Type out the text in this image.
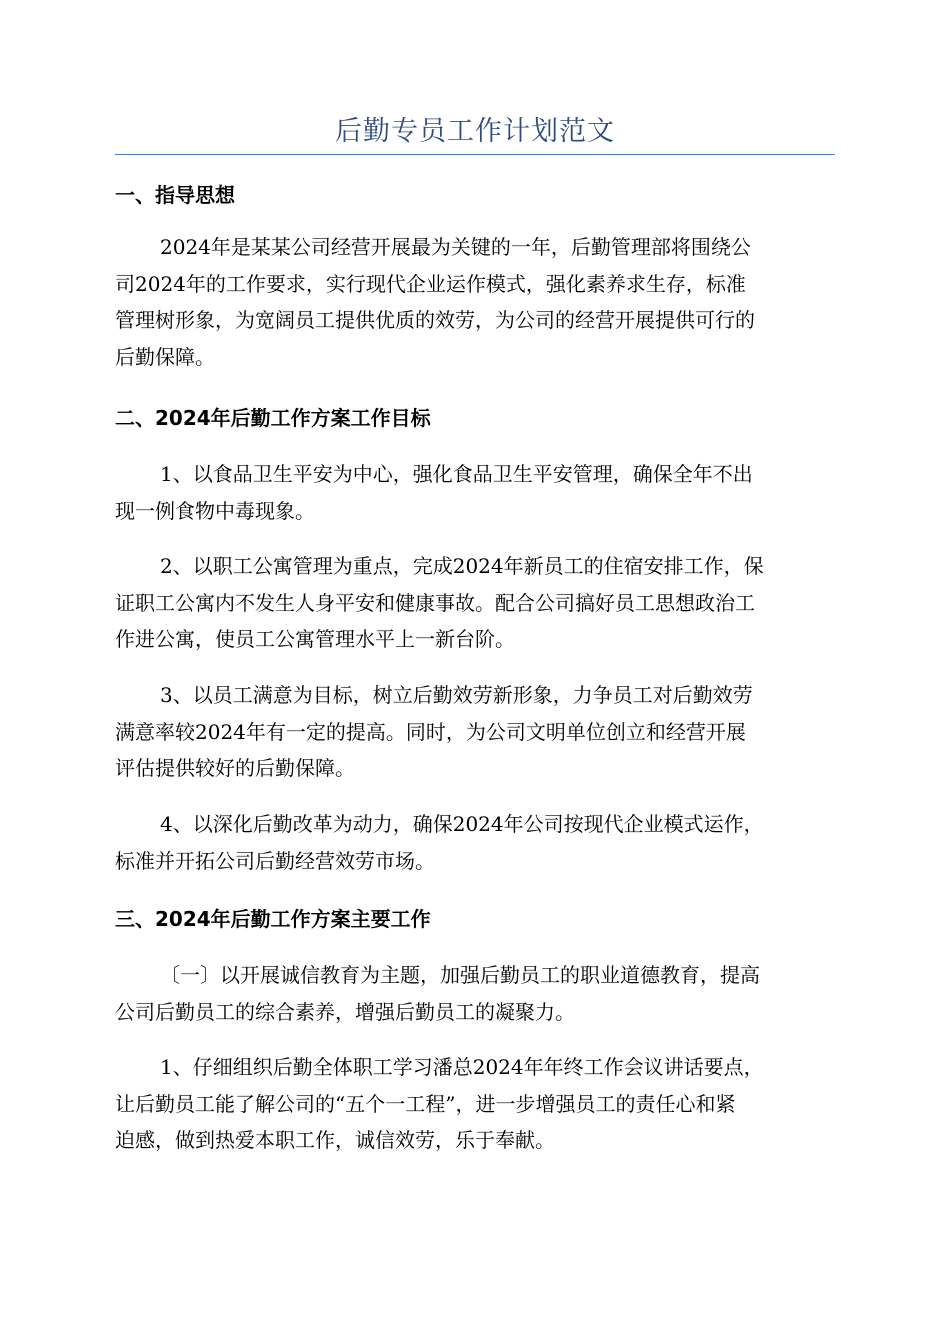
后勤专员工作计划范文
一、指导思想
2024年是某某公司经营开展最为关键的一年，后勤管理部将围绕公
司2024年的工作要求，实行现代企业运作模式，强化素养求生存，标准
管理树形象，为宽阔员工提供优质的效劳，为公司的经营开展提供可行的
后勤保障。
二、2024年后勤工作方案工作目标
1、以食品卫生平安为中心，强化食品卫生平安管理，确保全年不出
现一例食物中毒现象。
2、以职工公寓管理为重点，完成2024年新员工的住宿安排工作，保
证职工公寓内不发生人身平安和健康事故。配合公司搞好员工思想政治工
作进公寓，使员工公寓管理水平上一新台阶。
3、以员工满意为目标，树立后勤效劳新形象，力争员工对后勤效劳
满意率较2024年有一定的提高。同时，为公司文明单位创立和经营开展
评估提供较好的后勤保障。
4、以深化后勤改革为动力，确保2024年公司按现代企业模式运作，
标准并开拓公司后勤经营效劳市场。
三、2024年后勤工作方案主要工作
〔一〕以开展诚信教育为主题，加强后勤员工的职业道德教育，提高
公司后勤员工的综合素养，增强后勤员工的凝聚力。
1、仔细组织后勤全体职工学习潘总2024年年终工作会议讲话要点，
让后勤员工能了解公司的“五个一工程”，进一步增强员工的责任心和紧
迫感，做到热爱本职工作，诚信效劳，乐于奉献。
